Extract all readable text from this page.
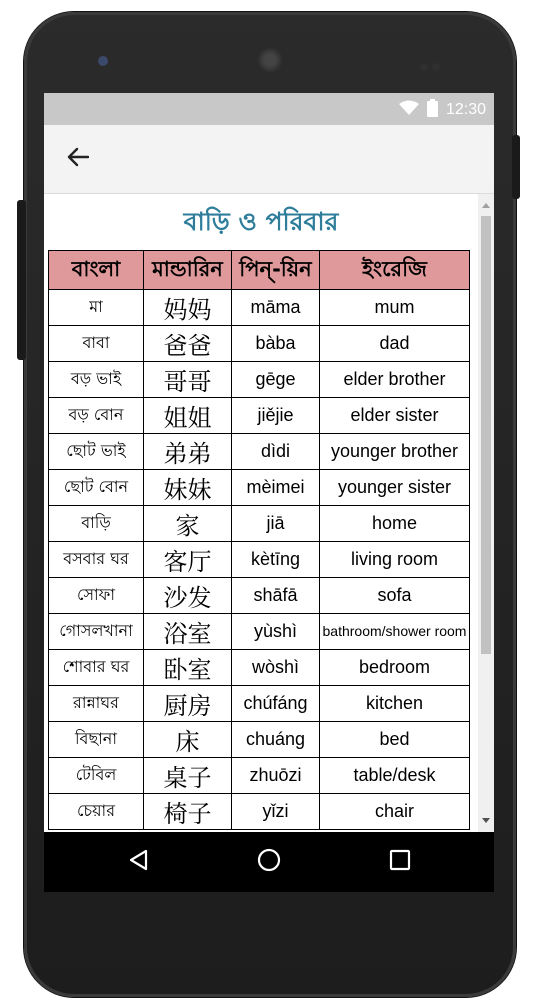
12:30
বাড়ি ও পরিবার
বাংলা	মান্ডারিন	পিন্-য়িন	ইংরেজি
মা	妈妈	māma	mum
বাবা	爸爸	bàba	dad
বড় ভাই	哥哥	gēge	elder brother
বড় বোন	姐姐	jiějie	elder sister
ছোট ভাই	弟弟	dìdi	younger brother
ছোট বোন	妹妹	mèimei	younger sister
বাড়ি	家	jiā	home
বসবার ঘর	客厅	kètīng	living room
সোফা	沙发	shāfā	sofa
গোসলখানা	浴室	yùshì	bathroom/shower room
শোবার ঘর	卧室	wòshì	bedroom
রান্নাঘর	厨房	chúfáng	kitchen
বিছানা	床	chuáng	bed
টেবিল	桌子	zhuōzi	table/desk
চেয়ার	椅子	yǐzi	chair
